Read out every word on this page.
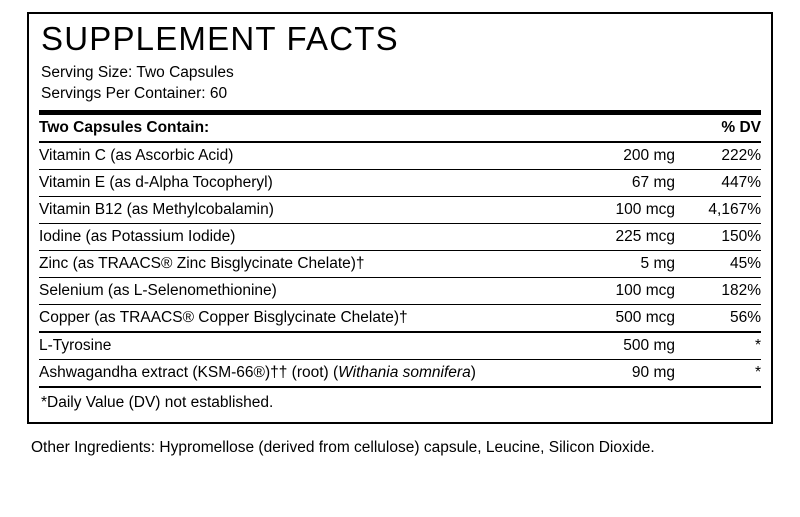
SUPPLEMENT FACTS
Serving Size: Two Capsules
Servings Per Container: 60
Two Capsules Contain:		% DV
Vitamin C (as Ascorbic Acid)	200 mg	222%
Vitamin E (as d-Alpha Tocopheryl)	67 mg	447%
Vitamin B12 (as Methylcobalamin)	100 mcg	4,167%
Iodine (as Potassium Iodide)	225 mcg	150%
Zinc (as TRAACS® Zinc Bisglycinate Chelate)†	5 mg	45%
Selenium (as L-Selenomethionine)	100 mcg	182%
Copper (as TRAACS® Copper Bisglycinate Chelate)†	500 mcg	56%
L-Tyrosine	500 mg	*
Ashwagandha extract (KSM-66®)†† (root) (Withania somnifera)	90 mg	*
*Daily Value (DV) not established.
Other Ingredients: Hypromellose (derived from cellulose) capsule, Leucine, Silicon Dioxide.
